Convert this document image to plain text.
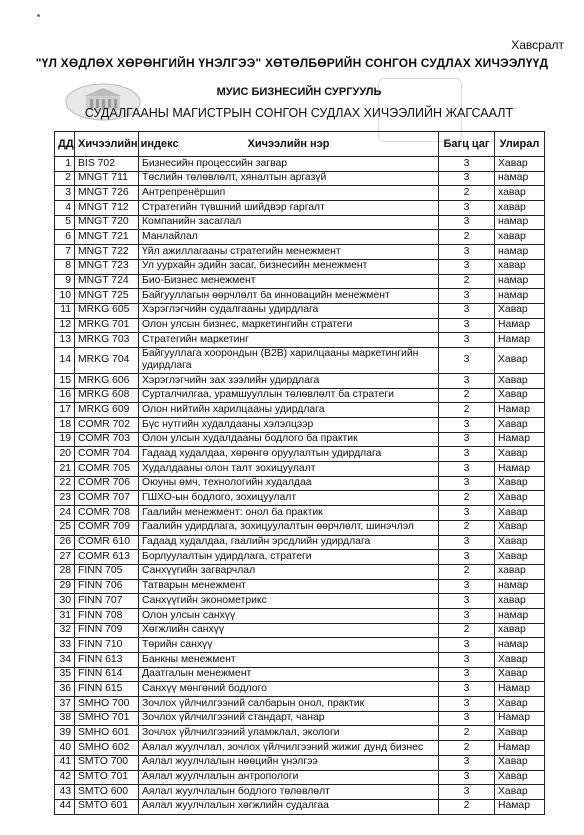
Хавсралт
"ҮЛ ХӨДЛӨХ ХӨРӨНГИЙН ҮНЭЛГЭЭ" ХӨТӨЛБӨРИЙН СОНГОН СУДЛАХ ХИЧЭЭЛҮҮД
МУИС БИЗНЕСИЙН СУРГУУЛЬ
СУДАЛГААНЫ МАГИСТРЫН СОНГОН СУДЛАХ ХИЧЭЭЛИЙН ЖАГСААЛТ
ДД	Хичээлийн индекс	Хичээлийн нэр	Багц цаг	Улирал
1	BIS 702	Бизнесийн процессийн загвар	3	Хавар
2	MNGT 711	Төслийн төлөвлөлт, хяналтын аргазүй	3	намар
3	MNGT 726	Антрепренёршип	2	хавар
4	MNGT 712	Стратегийн түвшний шийдвэр гаргалт	3	хавар
5	MNGT 720	Компанийн засаглал	3	намар
6	MNGT 721	Манлайлал	2	хавар
7	MNGT 722	Үйл ажиллагааны стратегийн менежмент	3	намар
8	MNGT 723	Ул уурхайн эдийн засаг, бизнесийн менежмент	3	хавар
9	MNGT 724	Био-Бизнес менежмент	2	намар
10	MNGT 725	Байгууллагын өөрчлөлт ба инновацийн менежмент	3	намар
11	MRKG 605	Хэрэглэгчийн судалгааны удирдлага	3	Хавар
12	MRKG 701	Олон улсын бизнес, маркетингийн стратеги	3	Намар
13	MRKG 703	Стратегийн маркетинг	3	Намар
14	MRKG 704	Байгууллага хоорондын (B2B) харилцааны маркетингийн удирдлага	3	Хавар
15	MRKG 606	Хэрэглэгчийн зах зээлийн удирдлага	3	Хавар
16	MRKG 608	Сурталчилгаа, урамшууллын төлөвлөлт ба стратеги	2	Хавар
17	MRKG 609	Олон нийтийн харилцааны удирдлага	2	Намар
18	COMR 702	Бүс нутгийн худалдааны хэлэлцээр	3	Хавар
19	COMR 703	Олон улсын худалдааны бодлого ба практик	3	Намар
20	COMR 704	Гадаад худалдаа, хөрөнгө оруулалтын удирдлага	3	Хавар
21	COMR 705	Худалдааны олон талт зохицуулалт	3	Намар
22	COMR 706	Оюуны өмч, технологийн худалдаа	3	Хавар
23	COMR 707	ГШХО-ын бодлого, зохицуулалт	2	Хавар
24	COMR 708	Гаалийн менежмент: онол ба практик	3	Хавар
25	COMR 709	Гаалийн удирдлага, зохицуулалтын өөрчлөлт, шинэчлэл	2	Хавар
26	COMR 610	Гадаад худалдаа, гаалийн эрсдлийн удирдлага	3	Хавар
27	COMR 613	Борлуулалтын удирдлага, стратеги	3	Хавар
28	FINN 705	Санхүүгийн загварчлал	2	хавар
29	FINN 706	Татварын менежмент	3	намар
30	FINN 707	Санхүүгийн эконометрикс	3	хавар
31	FINN 708	Олон улсын санхүү	3	намар
32	FINN 709	Хөгжлийн санхүү	2	хавар
33	FINN 710	Төрийн санхүү	3	намар
34	FINN 613	Банкны менежмент	3	Хавар
35	FINN 614	Даатгалын менежмент	3	Хавар
36	FINN 615	Санхүү мөнгөний бодлого	3	Намар
37	SMHO 700	Зочлох үйлчилгээний салбарын онол, практик	3	Хавар
38	SMHO 701	Зочлох үйлчилгээний стандарт, чанар	3	Намар
39	SMHO 601	Зочлох үйлчилгээний уламжлал, экологи	2	Хавар
40	SMHO 602	Аялал жуулчлал, зочлох үйлчилгээний жижиг дунд бизнес	2	Намар
41	SMTO 700	Аялал жуулчлалын нөөцийн үнэлгээ	3	Хавар
42	SMTO 701	Аялал жуулчлалын антропологи	3	Хавар
43	SMTO 600	Аялал жуулчлалын бодлого төлөвлөлт	3	Хавар
44	SMTO 601	Аялал жуулчлалын хөгжлийн судалгаа	2	Намар
